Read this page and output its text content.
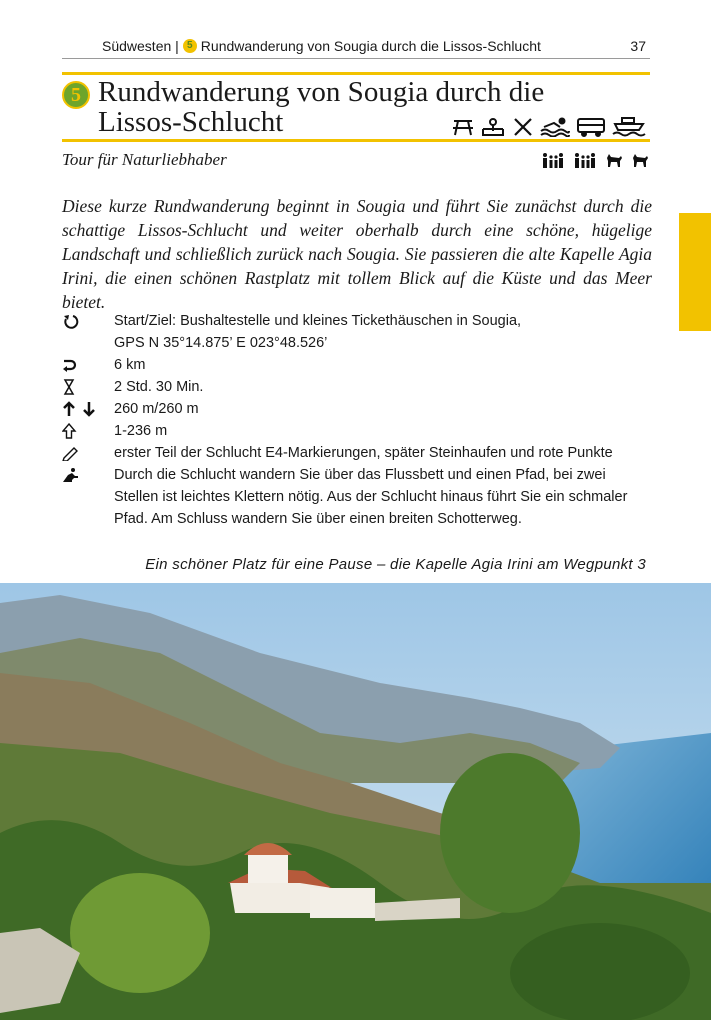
Südwesten | 5 Rundwanderung von Sougia durch die Lissos-Schlucht	37
5 Rundwanderung von Sougia durch die
Lissos-Schlucht
Tour für Naturliebhaber
Diese kurze Rundwanderung beginnt in Sougia und führt Sie zunächst durch die schattige Lissos-Schlucht und weiter oberhalb durch eine schöne, hügelige Landschaft und schließlich zurück nach Sougia. Sie passieren die alte Kapelle Agia Irini, die einen schönen Rastplatz mit tollem Blick auf die Küste und das Meer bietet.
Start/Ziel: Bushaltestelle und kleines Tickethäuschen in Sougia,
GPS N 35°14.875’ E 023°48.526’
6 km
2 Std. 30 Min.
260 m/260 m
1-236 m
erster Teil der Schlucht E4-Markierungen, später Steinhaufen und rote Punkte
Durch die Schlucht wandern Sie über das Flussbett und einen Pfad, bei zwei Stellen ist leichtes Klettern nötig. Aus der Schlucht hinaus führt Sie ein schmaler Pfad. Am Schluss wandern Sie über einen breiten Schotterweg.
Ein schöner Platz für eine Pause – die Kapelle Agia Irini am Wegpunkt 3
